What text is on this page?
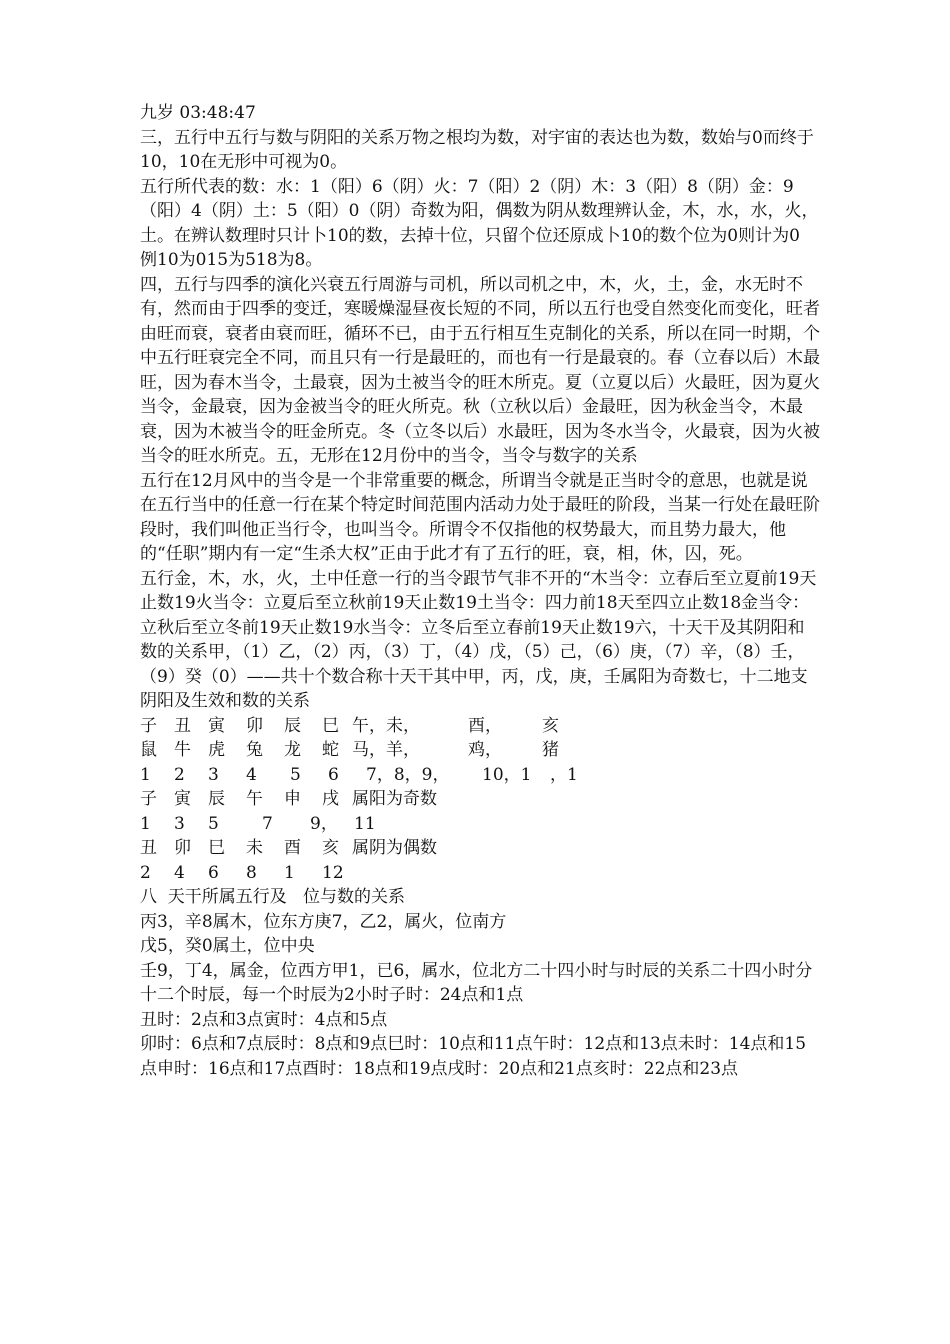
九岁 03:48:47

三，五行中五行与数与阴阳的关系万物之根均为数，对宇宙的表达也为数，数始与0而终于10，10在无形中可视为0。

五行所代表的数：水：1（阳）6（阴）火：7（阳）2（阴）木：3（阳）8（阴）金：9（阳）4（阴）土：5（阳）0（阴）奇数为阳，偶数为阴从数理辨认金，木，水，水，火，土。在辨认数理时只计卜10的数，去掉十位，只留个位还原成卜10的数个位为0则计为0

例10为015为518为8。

四，五行与四季的演化兴衰五行周游与司机，所以司机之中，木，火，土，金，水无时不有，然而由于四季的变迁，寒暖燥湿昼夜长短的不同，所以五行也受自然变化而变化，旺者由旺而衰，衰者由衰而旺，循环不已，由于五行相互生克制化的关系，所以在同一时期，个中五行旺衰完全不同，而且只有一行是最旺的，而也有一行是最衰的。春（立春以后）木最旺，因为春木当令，土最衰，因为土被当令的旺木所克。夏（立夏以后）火最旺，因为夏火当令，金最衰，因为金被当令的旺火所克。秋（立秋以后）金最旺，因为秋金当令，木最衰，因为木被当令的旺金所克。冬（立冬以后）水最旺，因为冬水当令，火最衰，因为火被当令的旺水所克。五，无形在12月份中的当令，当令与数字的关系

五行在12月风中的当令是一个非常重要的概念，所谓当令就是正当时令的意思，也就是说在五行当中的任意一行在某个特定时间范围内活动力处于最旺的阶段，当某一行处在最旺阶段时，我们叫他正当行令，也叫当令。所谓令不仅指他的权势最大，而且势力最大，他的“任职”期内有一定“生杀大权”正由于此才有了五行的旺，衰，相，休，囚，死。

五行金，木，水，火，土中任意一行的当令跟节气非不开的“木当令：立春后至立夏前19天止数19火当令：立夏后至立秋前19天止数19土当令：四力前18天至四立止数18金当令：立秋后至立冬前19天止数19水当令：立冬后至立春前19天止数19六，十天干及其阴阳和数的关系甲，（1）乙，（2）丙，（3）丁，（4）戊，（5）己，（6）庚，（7）辛，（8）壬，（9）癸（0）——共十个数合称十天干其中甲，丙，戊，庚，壬属阳为奇数七，十二地支阴阳及生效和数的关系

子 丑 寅 卯 辰 巳 午，未，	酉， 亥
鼠 牛 虎 兔 龙 蛇 马，羊，	鸡， 猪
1 2 3 4 5 6 7，8，9， 10，1 ，1
子 寅 辰 午 申 戌 属阳为奇数
1 3 5	7 9， 11
丑 卯 巳 未 酉 亥 属阴为偶数
2 4 6 8 1 12

八  天干所属五行及   位与数的关系

丙3，辛8属木，位东方庚7，乙2，属火，位南方

戊5，癸0属土，位中央

壬9，丁4，属金，位西方甲1，已6，属水，位北方二十四小时与时辰的关系二十四小时分十二个时辰，每一个时辰为2小时子时：24点和1点

丑时：2点和3点寅时：4点和5点

卯时：6点和7点辰时：8点和9点巳时：10点和11点午时：12点和13点未时：14点和15点申时：16点和17点酉时：18点和19点戌时：20点和21点亥时：22点和23点
